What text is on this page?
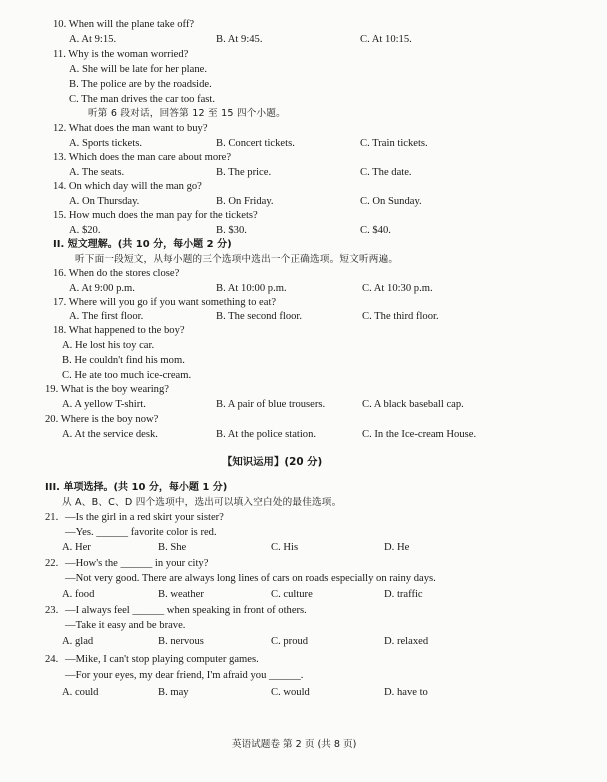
10. When will the plane take off?
A. At 9:15.	B. At 9:45.	C. At 10:15.
11. Why is the woman worried?
A. She will be late for her plane.
B. The police are by the roadside.
C. The man drives the car too fast.
听第 6 段对话，回答第 12 至 15 四个小题。
12. What does the man want to buy?
A. Sports tickets.	B. Concert tickets.	C. Train tickets.
13. Which does the man care about more?
A. The seats.	B. The price.	C. The date.
14. On which day will the man go?
A. On Thursday.	B. On Friday.	C. On Sunday.
15. How much does the man pay for the tickets?
A. $20.	B. $30.	C. $40.
II. 短文理解。(共 10 分，每小题 2 分)
听下面一段短文，从每小题的三个选项中选出一个正确选项。短文听两遍。
16. When do the stores close?
A. At 9:00 p.m.	B. At 10:00 p.m.	C. At 10:30 p.m.
17. Where will you go if you want something to eat?
A. The first floor.	B. The second floor.	C. The third floor.
18. What happened to the boy?
A. He lost his toy car.
B. He couldn't find his mom.
C. He ate too much ice-cream.
19. What is the boy wearing?
A. A yellow T-shirt.	B. A pair of blue trousers.	C. A black baseball cap.
20. Where is the boy now?
A. At the service desk.	B. At the police station.	C. In the Ice-cream House.
【知识运用】(20 分)
III. 单项选择。(共 10 分，每小题 1 分)
从 A、B、C、D 四个选项中，选出可以填入空白处的最佳选项。
21. —Is the girl in a red skirt your sister?
—Yes. ______ favorite color is red.
A. Her	B. She	C. His	D. He
22. —How's the ______ in your city?
—Not very good. There are always long lines of cars on roads especially on rainy days.
A. food	B. weather	C. culture	D. traffic
23. —I always feel ______ when speaking in front of others.
—Take it easy and be brave.
A. glad	B. nervous	C. proud	D. relaxed
24. —Mike, I can't stop playing computer games.
—For your eyes, my dear friend, I'm afraid you ______.
A. could	B. may	C. would	D. have to
英语试题卷 第 2 页 (共 8 页)
